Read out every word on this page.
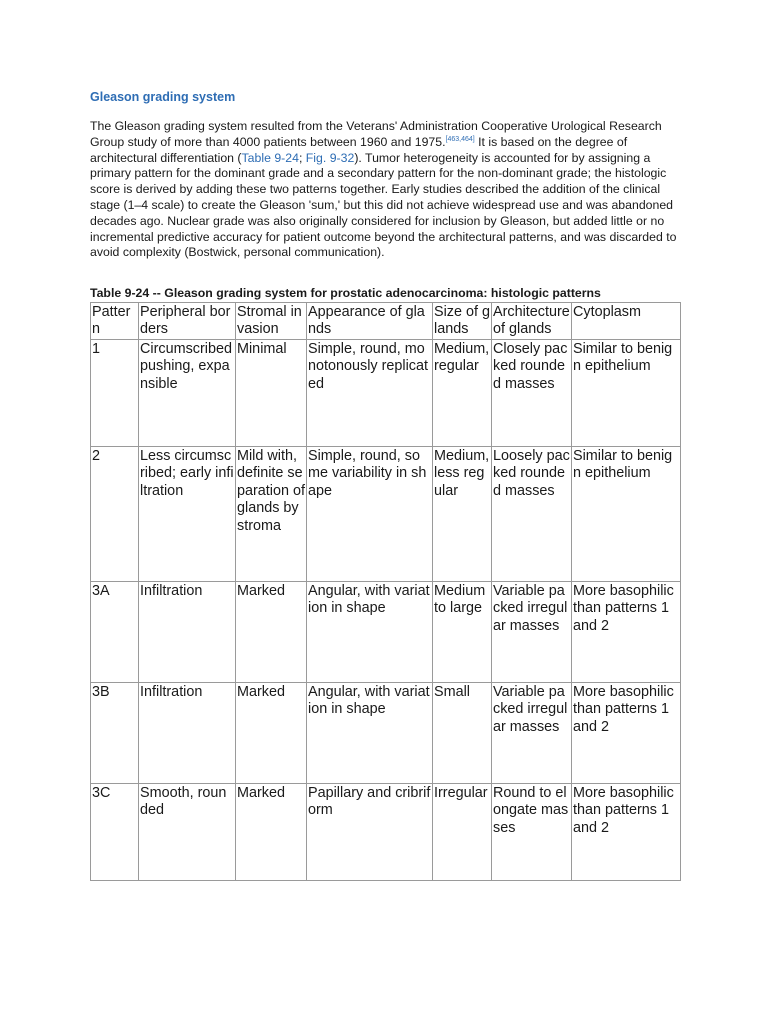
Gleason grading system
The Gleason grading system resulted from the Veterans' Administration Cooperative Urological Research Group study of more than 4000 patients between 1960 and 1975.[463,464] It is based on the degree of architectural differentiation (Table 9-24; Fig. 9-32). Tumor heterogeneity is accounted for by assigning a primary pattern for the dominant grade and a secondary pattern for the non-dominant grade; the histologic score is derived by adding these two patterns together. Early studies described the addition of the clinical stage (1–4 scale) to create the Gleason 'sum,' but this did not achieve widespread use and was abandoned decades ago. Nuclear grade was also originally considered for inclusion by Gleason, but added little or no incremental predictive accuracy for patient outcome beyond the architectural patterns, and was discarded to avoid complexity (Bostwick, personal communication).
Table 9-24 -- Gleason grading system for prostatic adenocarcinoma: histologic patterns
Pattern	Peripheral borders	Stromal invasion	Appearance of glands	Size of glands	Architecture of glands	Cytoplasm
1	Circumscribed pushing, expansible	Minimal	Simple, round, monotonously replicated	Medium, regular	Closely packed rounded masses	Similar to benign epithelium
2	Less circumscribed; early infiltration	Mild with, definite separation of glands by stroma	Simple, round, some variability in shape	Medium, less regular	Loosely packed rounded masses	Similar to benign epithelium
3A	Infiltration	Marked	Angular, with variation in shape	Medium to large	Variable packed irregular masses	More basophilic than patterns 1 and 2
3B	Infiltration	Marked	Angular, with variation in shape	Small	Variable packed irregular masses	More basophilic than patterns 1 and 2
3C	Smooth, rounded	Marked	Papillary and cribriform	Irregular	Round to elongate masses	More basophilic than patterns 1 and 2
